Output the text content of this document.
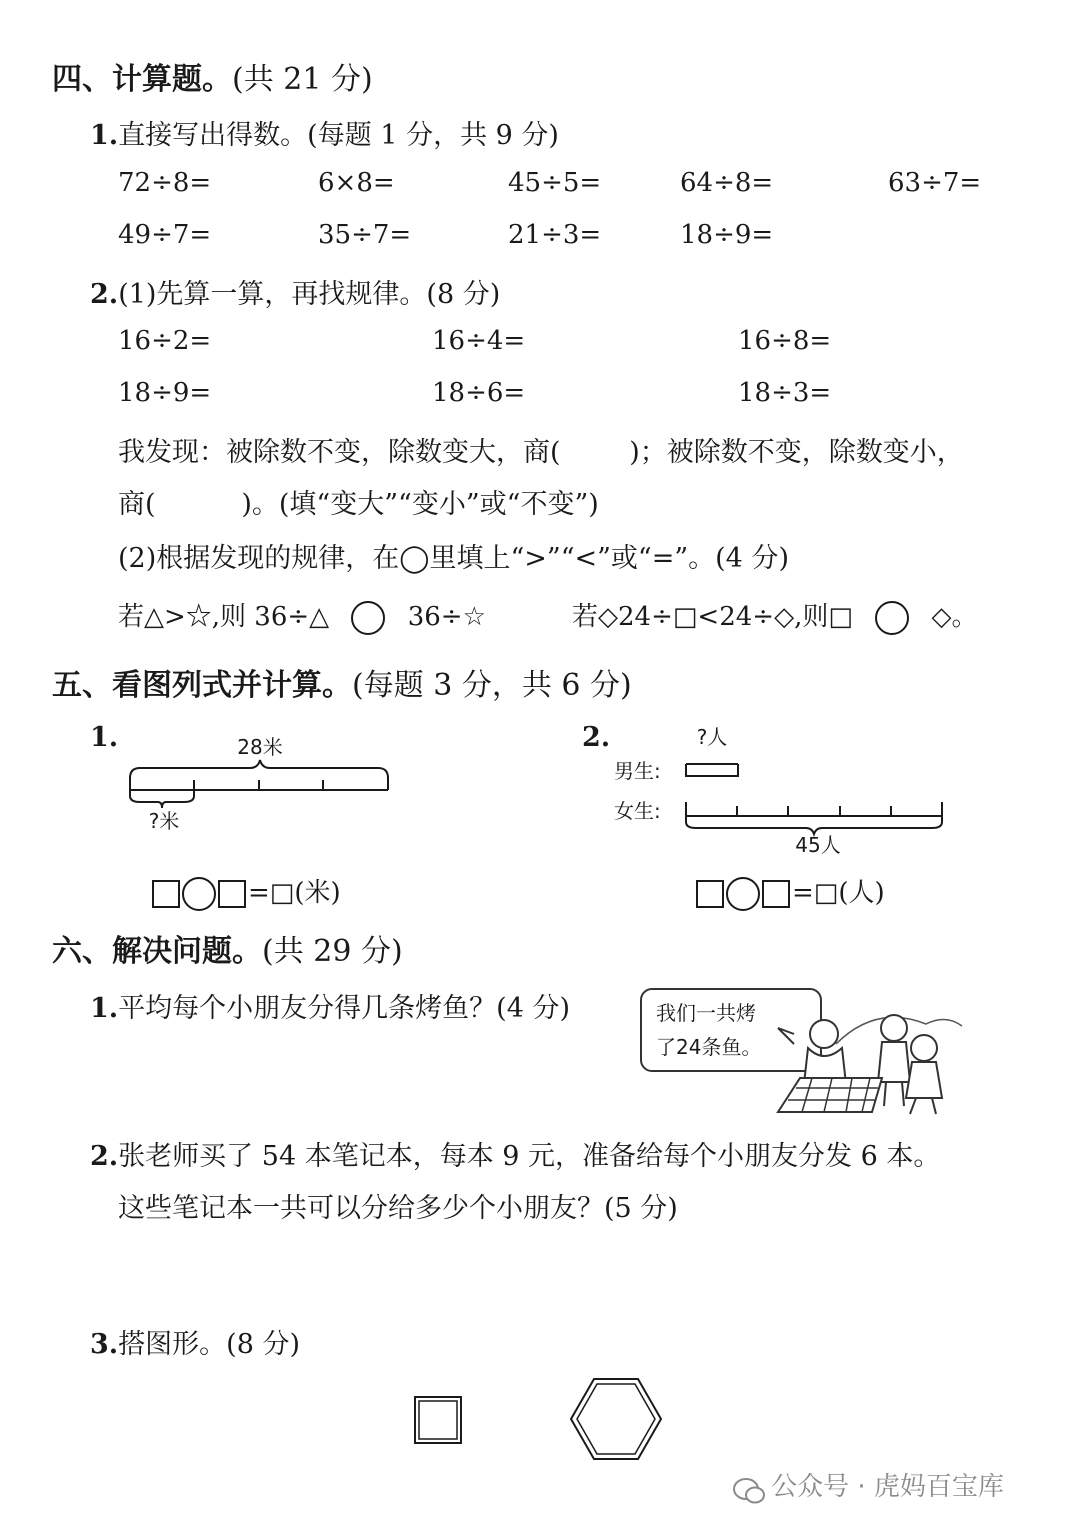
四、计算题。(共 21 分)
1.直接写出得数。(每题 1 分，共 9 分)
72÷8=	6×8=	45÷5=	64÷8=	63÷7=
49÷7=	35÷7=	21÷3=	18÷9=
2.(1)先算一算，再找规律。(8 分)
16÷2=	16÷4=	16÷8=
18÷9=	18÷6=	18÷3=
我发现：被除数不变，除数变大，商(        )；被除数不变，除数变小，
商(          )。(填“变大”“变小”或“不变”)
(2)根据发现的规律，在◯里填上“>”“<”或“=”。(4 分)
若△>☆,则 36÷△	36÷☆	若◇24÷□<24÷◇,则□	◇。
五、看图列式并计算。(每题 3 分，共 6 分)
1.	28米
?米
=□(米)
2.	?人
男生:
女生:
45人
=□(人)
六、解决问题。(共 29 分)
1.平均每个小朋友分得几条烤鱼？(4 分)	我们一共烤
了24条鱼。
2.张老师买了 54 本笔记本，每本 9 元，准备给每个小朋友分发 6 本。
这些笔记本一共可以分给多少个小朋友？(5 分)
3.搭图形。(8 分)
公众号 · 虎妈百宝库
